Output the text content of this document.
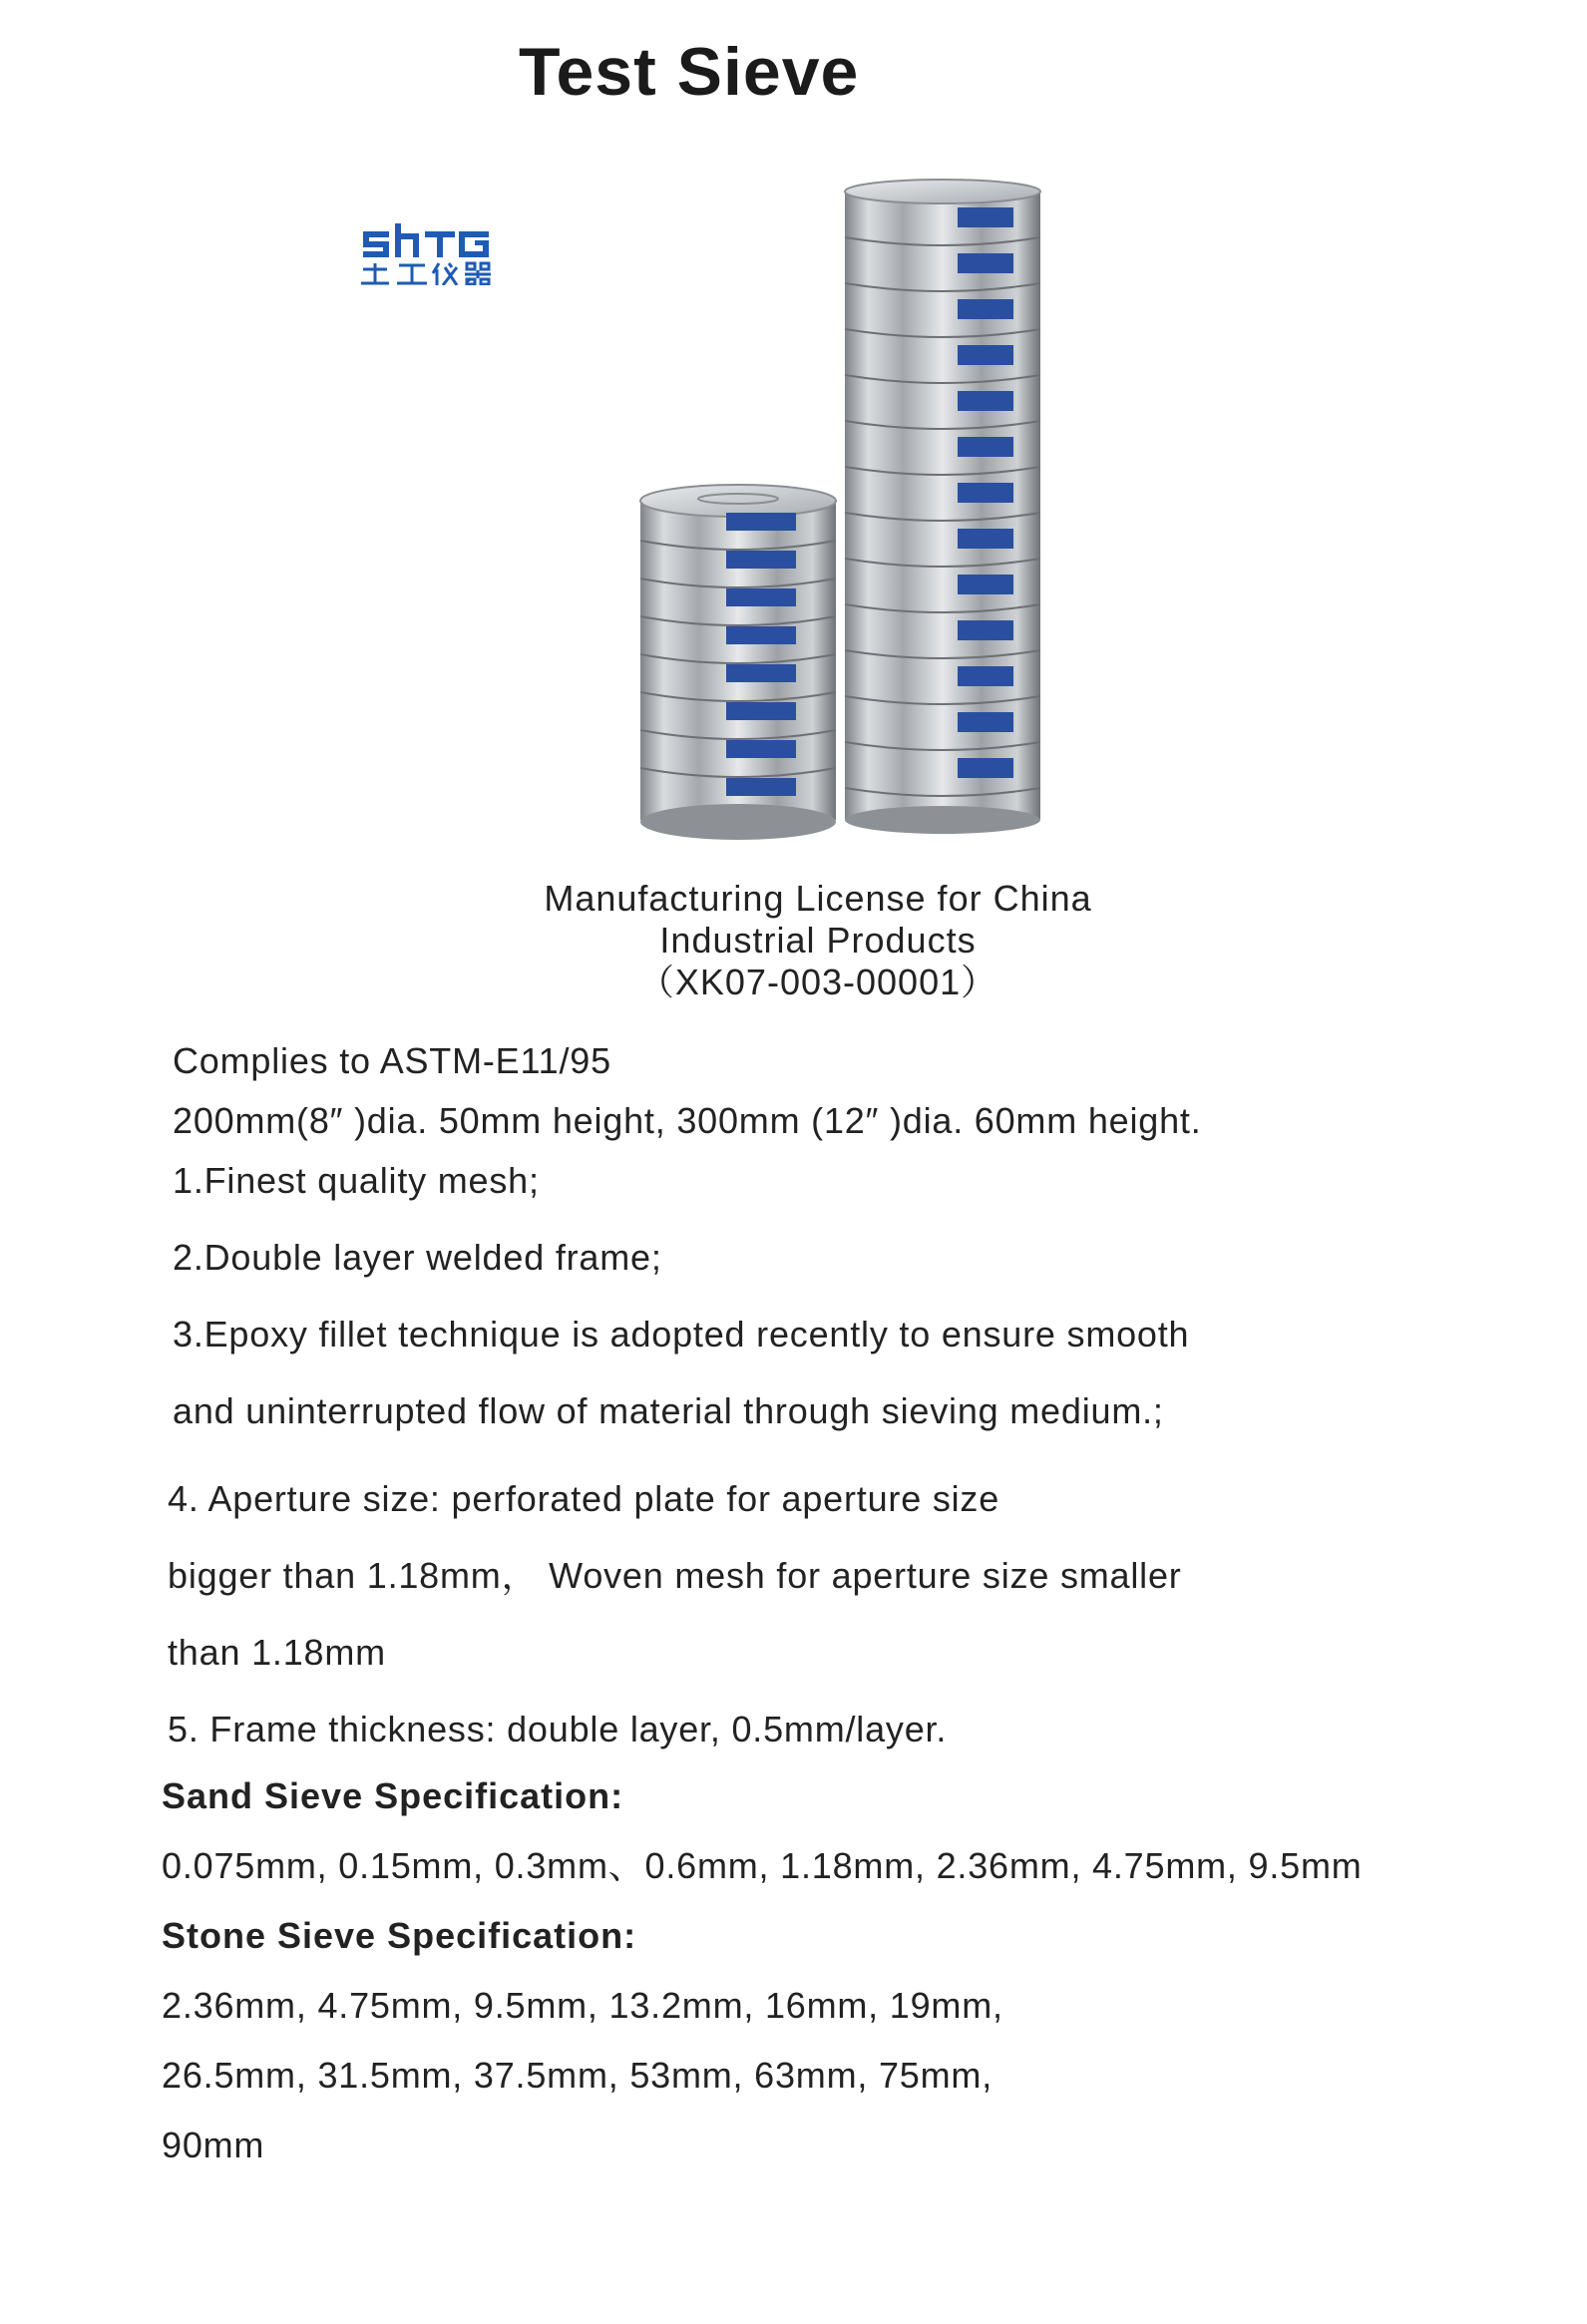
Test Sieve
Manufacturing License for China
Industrial Products
（XK07-003-00001）
Complies to ASTM-E11/95
200mm(8″ )dia. 50mm height, 300mm (12″ )dia. 60mm height.
1.Finest quality mesh;
2.Double layer welded frame;
3.Epoxy fillet technique is adopted recently to ensure smooth
and uninterrupted flow of material through sieving medium.;
4. Aperture size: perforated plate for aperture size
bigger than 1.18mm， Woven mesh for aperture size smaller
than 1.18mm
5. Frame thickness: double layer, 0.5mm/layer.
Sand Sieve Specification:
0.075mm, 0.15mm, 0.3mm、0.6mm, 1.18mm, 2.36mm, 4.75mm, 9.5mm
Stone Sieve Specification:
2.36mm, 4.75mm, 9.5mm, 13.2mm, 16mm, 19mm,
26.5mm, 31.5mm, 37.5mm, 53mm, 63mm, 75mm,
90mm
